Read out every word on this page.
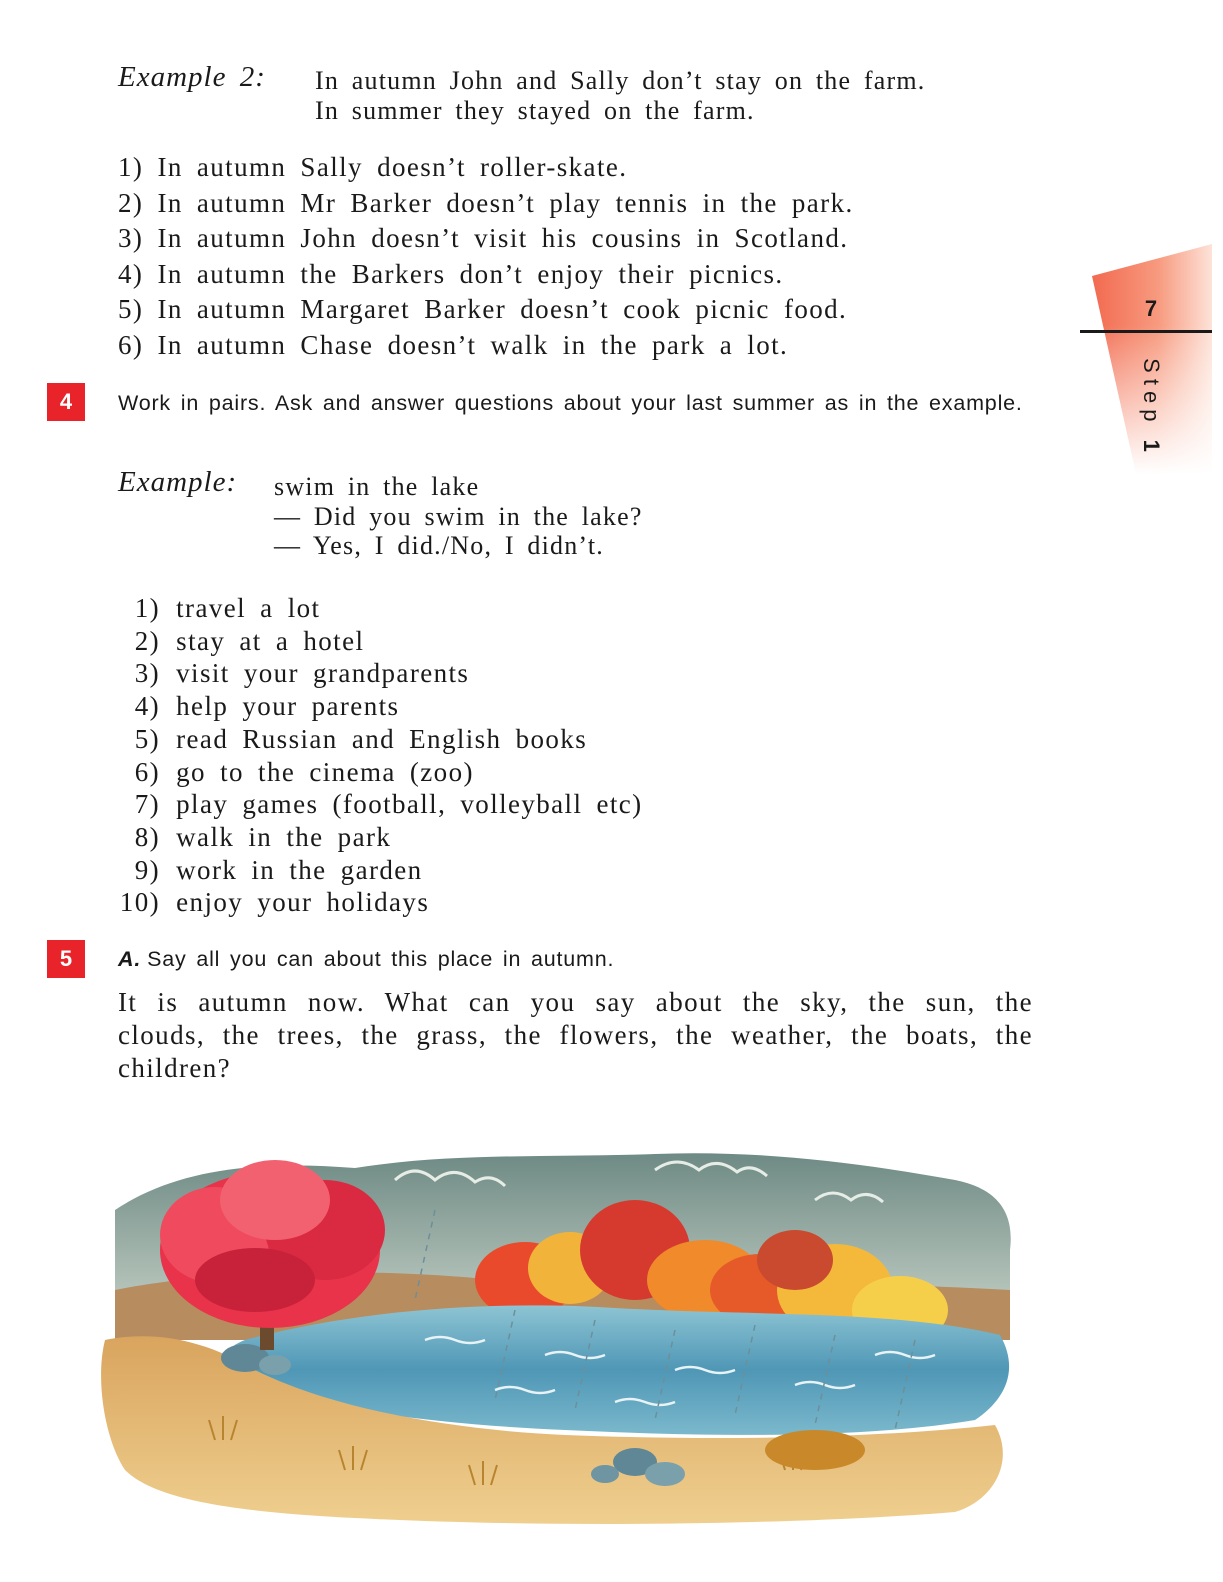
Example 2: In autumn John and Sally don’t stay on the farm.
In summer they stayed on the farm.
1) In autumn Sally doesn’t roller-skate.
2) In autumn Mr Barker doesn’t play tennis in the park.
3) In autumn John doesn’t visit his cousins in Scotland.
4) In autumn the Barkers don’t enjoy their picnics.
5) In autumn Margaret Barker doesn’t cook picnic food.
6) In autumn Chase doesn’t walk in the park a lot.
4	Work in pairs. Ask and answer questions about your last summer as in the example.
Example: swim in the lake
— Did you swim in the lake?
— Yes, I did./No, I didn’t.
1) travel a lot
2) stay at a hotel
3) visit your grandparents
4) help your parents
5) read Russian and English books
6) go to the cinema (zoo)
7) play games (football, volleyball etc)
8) walk in the park
9) work in the garden
10) enjoy your holidays
5	A. Say all you can about this place in autumn.
It is autumn now. What can you say about the sky, the sun, the clouds, the trees, the grass, the flowers, the weather, the boats, the children?
7
Step 1
